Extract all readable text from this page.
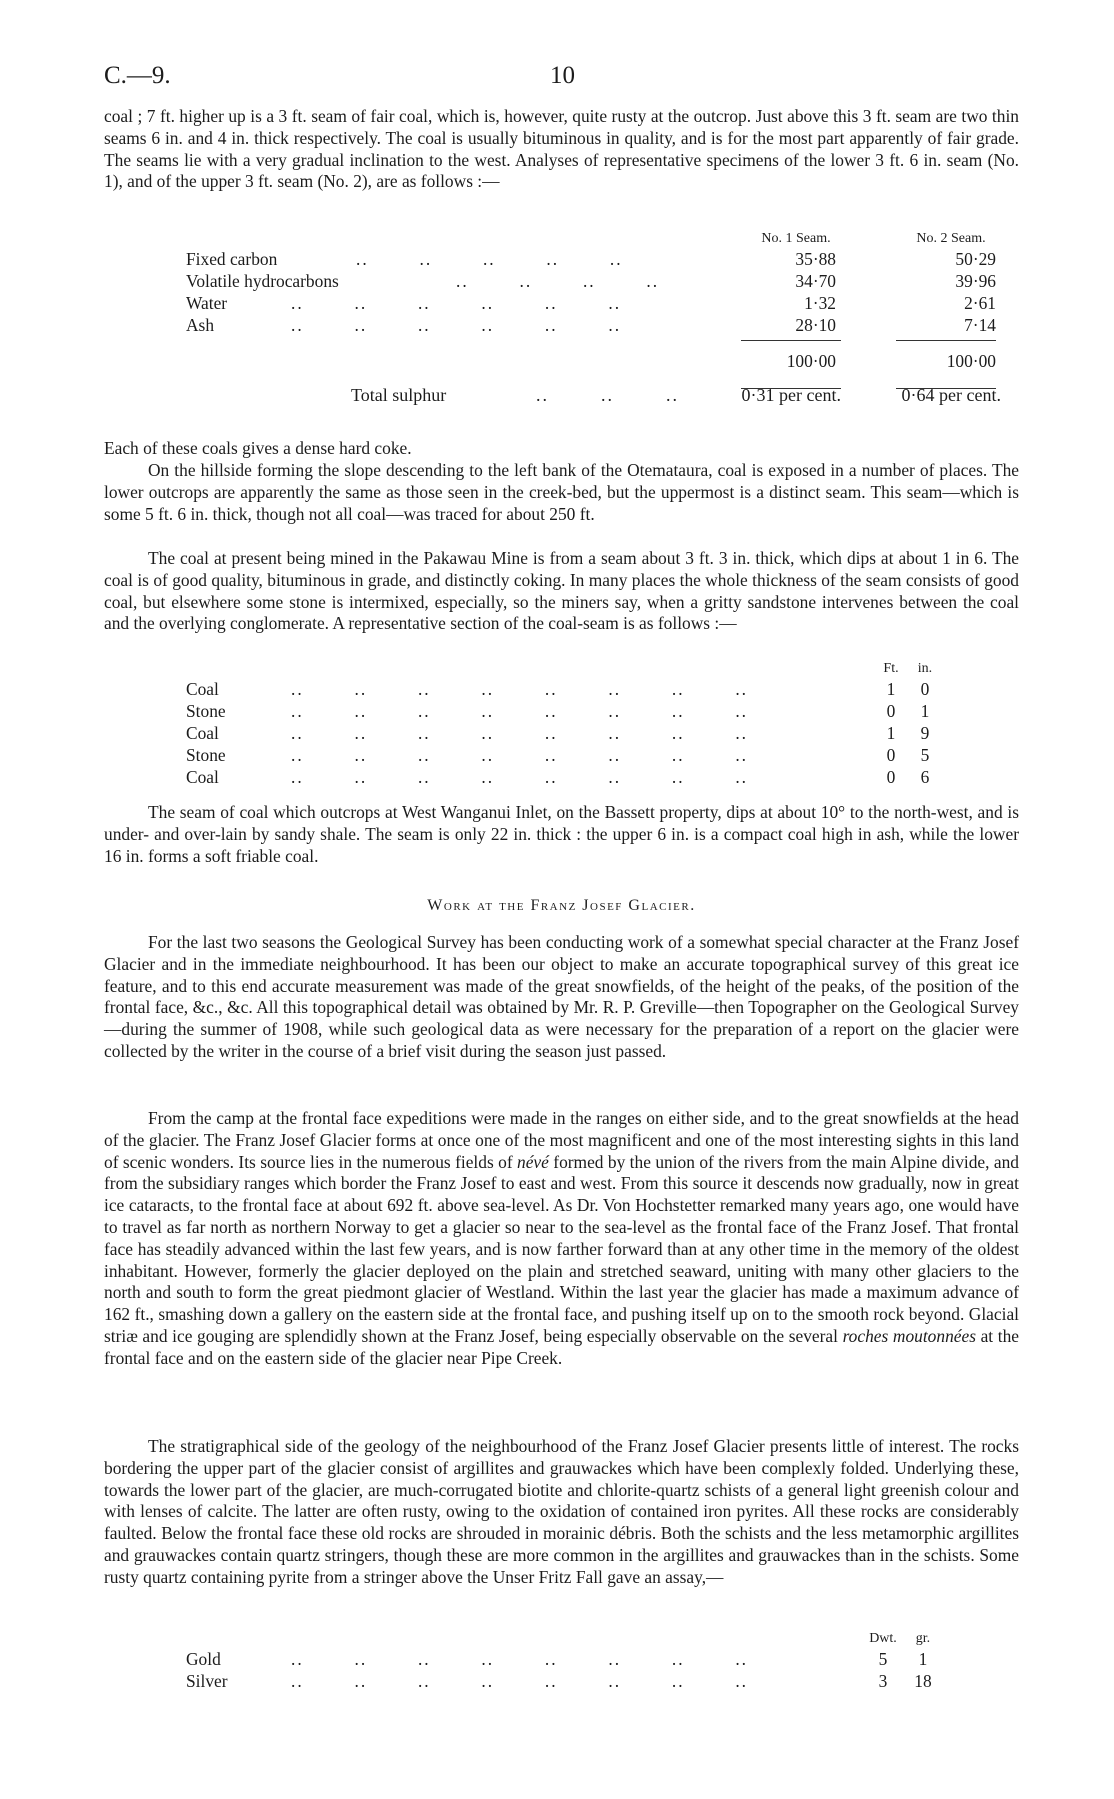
C.—9.	10

coal ; 7 ft. higher up is a 3 ft. seam of fair coal, which is, however, quite rusty at the outcrop. Just above this 3 ft. seam are two thin seams 6 in. and 4 in. thick respectively. The coal is usually bituminous in quality, and is for the most part apparently of fair grade. The seams lie with a very gradual inclination to the west. Analyses of representative specimens of the lower 3 ft. 6 in. seam (No. 1), and of the upper 3 ft. seam (No. 2), are as follows :—

No. 1 Seam.	No. 2 Seam.
Fixed carbon	..        ..        ..        ..        ..	35·88	50·29
Volatile hydrocarbons	..        ..        ..        ..	34·70	39·96
Water	..        ..        ..        ..        ..        ..	1·32	2·61
Ash	..        ..        ..        ..        ..        ..	28·10	7·14
100·00	100·00
Total sulphur	..        ..        ..	0·31 per cent.	0·64 per cent.

Each of these coals gives a dense hard coke.

On the hillside forming the slope descending to the left bank of the Otemataura, coal is exposed in a number of places. The lower outcrops are apparently the same as those seen in the creek-bed, but the uppermost is a distinct seam. This seam—which is some 5 ft. 6 in. thick, though not all coal—was traced for about 250 ft.

The coal at present being mined in the Pakawau Mine is from a seam about 3 ft. 3 in. thick, which dips at about 1 in 6. The coal is of good quality, bituminous in grade, and distinctly coking. In many places the whole thickness of the seam consists of good coal, but elsewhere some stone is intermixed, especially, so the miners say, when a gritty sandstone intervenes between the coal and the overlying conglomerate. A representative section of the coal-seam is as follows :—

Ft.	in.
Coal	..        ..        ..        ..        ..        ..        ..        ..	1	0
Stone	..        ..        ..        ..        ..        ..        ..        ..	0	1
Coal	..        ..        ..        ..        ..        ..        ..        ..	1	9
Stone	..        ..        ..        ..        ..        ..        ..        ..	0	5
Coal	..        ..        ..        ..        ..        ..        ..        ..	0	6

The seam of coal which outcrops at West Wanganui Inlet, on the Bassett property, dips at about 10° to the north-west, and is under- and over-lain by sandy shale. The seam is only 22 in. thick : the upper 6 in. is a compact coal high in ash, while the lower 16 in. forms a soft friable coal.

Work at the Franz Josef Glacier.

For the last two seasons the Geological Survey has been conducting work of a somewhat special character at the Franz Josef Glacier and in the immediate neighbourhood. It has been our object to make an accurate topographical survey of this great ice feature, and to this end accurate measurement was made of the great snowfields, of the height of the peaks, of the position of the frontal face, &c., &c. All this topographical detail was obtained by Mr. R. P. Greville—then Topographer on the Geological Survey—during the summer of 1908, while such geological data as were necessary for the preparation of a report on the glacier were collected by the writer in the course of a brief visit during the season just passed.

From the camp at the frontal face expeditions were made in the ranges on either side, and to the great snowfields at the head of the glacier. The Franz Josef Glacier forms at once one of the most magnificent and one of the most interesting sights in this land of scenic wonders. Its source lies in the numerous fields of névé formed by the union of the rivers from the main Alpine divide, and from the subsidiary ranges which border the Franz Josef to east and west. From this source it descends now gradually, now in great ice cataracts, to the frontal face at about 692 ft. above sea-level. As Dr. Von Hochstetter remarked many years ago, one would have to travel as far north as northern Norway to get a glacier so near to the sea-level as the frontal face of the Franz Josef. That frontal face has steadily advanced within the last few years, and is now farther forward than at any other time in the memory of the oldest inhabitant. However, formerly the glacier deployed on the plain and stretched seaward, uniting with many other glaciers to the north and south to form the great piedmont glacier of Westland. Within the last year the glacier has made a maximum advance of 162 ft., smashing down a gallery on the eastern side at the frontal face, and pushing itself up on to the smooth rock beyond. Glacial striæ and ice gouging are splendidly shown at the Franz Josef, being especially observable on the several roches moutonnées at the frontal face and on the eastern side of the glacier near Pipe Creek.

The stratigraphical side of the geology of the neighbourhood of the Franz Josef Glacier presents little of interest. The rocks bordering the upper part of the glacier consist of argillites and grauwackes which have been complexly folded. Underlying these, towards the lower part of the glacier, are much-corrugated biotite and chlorite-quartz schists of a general light greenish colour and with lenses of calcite. The latter are often rusty, owing to the oxidation of contained iron pyrites. All these rocks are considerably faulted. Below the frontal face these old rocks are shrouded in morainic débris. Both the schists and the less metamorphic argillites and grauwackes contain quartz stringers, though these are more common in the argillites and grauwackes than in the schists. Some rusty quartz containing pyrite from a stringer above the Unser Fritz Fall gave an assay,—

Dwt.	gr.
Gold	..        ..        ..        ..        ..        ..        ..        ..	5	1
Silver	..        ..        ..        ..        ..        ..        ..        ..	3	18
